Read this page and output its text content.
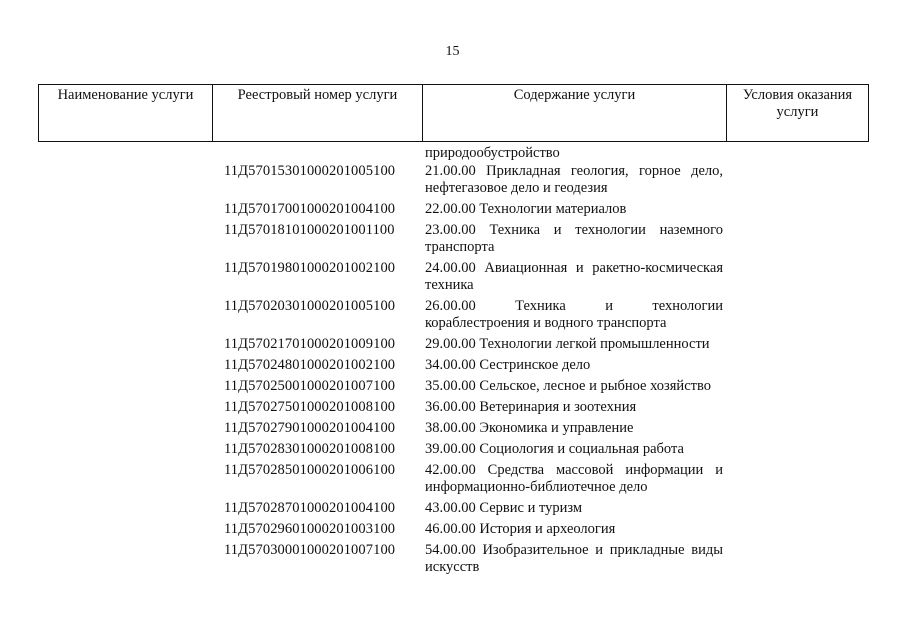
15
Наименование услуги	Реестровый номер услуги	Содержание услуги	Условия оказания услуги
природообустройство
11Д57015301000201005100 21.00.00 Прикладная геология, горное дело, нефтегазовое дело и геодезия
11Д57017001000201004100 22.00.00 Технологии материалов
11Д57018101000201001100 23.00.00 Техника и технологии наземного транспорта
11Д57019801000201002100 24.00.00 Авиационная и ракетно-космическая техника
11Д57020301000201005100 26.00.00 Техника и технологии кораблестроения и водного транспорта
11Д57021701000201009100 29.00.00 Технологии легкой промышленности
11Д57024801000201002100 34.00.00 Сестринское дело
11Д57025001000201007100 35.00.00 Сельское, лесное и рыбное хозяйство
11Д57027501000201008100 36.00.00 Ветеринария и зоотехния
11Д57027901000201004100 38.00.00 Экономика и управление
11Д57028301000201008100 39.00.00 Социология и социальная работа
11Д57028501000201006100 42.00.00 Средства массовой информации и информационно-библиотечное дело
11Д57028701000201004100 43.00.00 Сервис и туризм
11Д57029601000201003100 46.00.00 История и археология
11Д57030001000201007100 54.00.00 Изобразительное и прикладные виды искусств
